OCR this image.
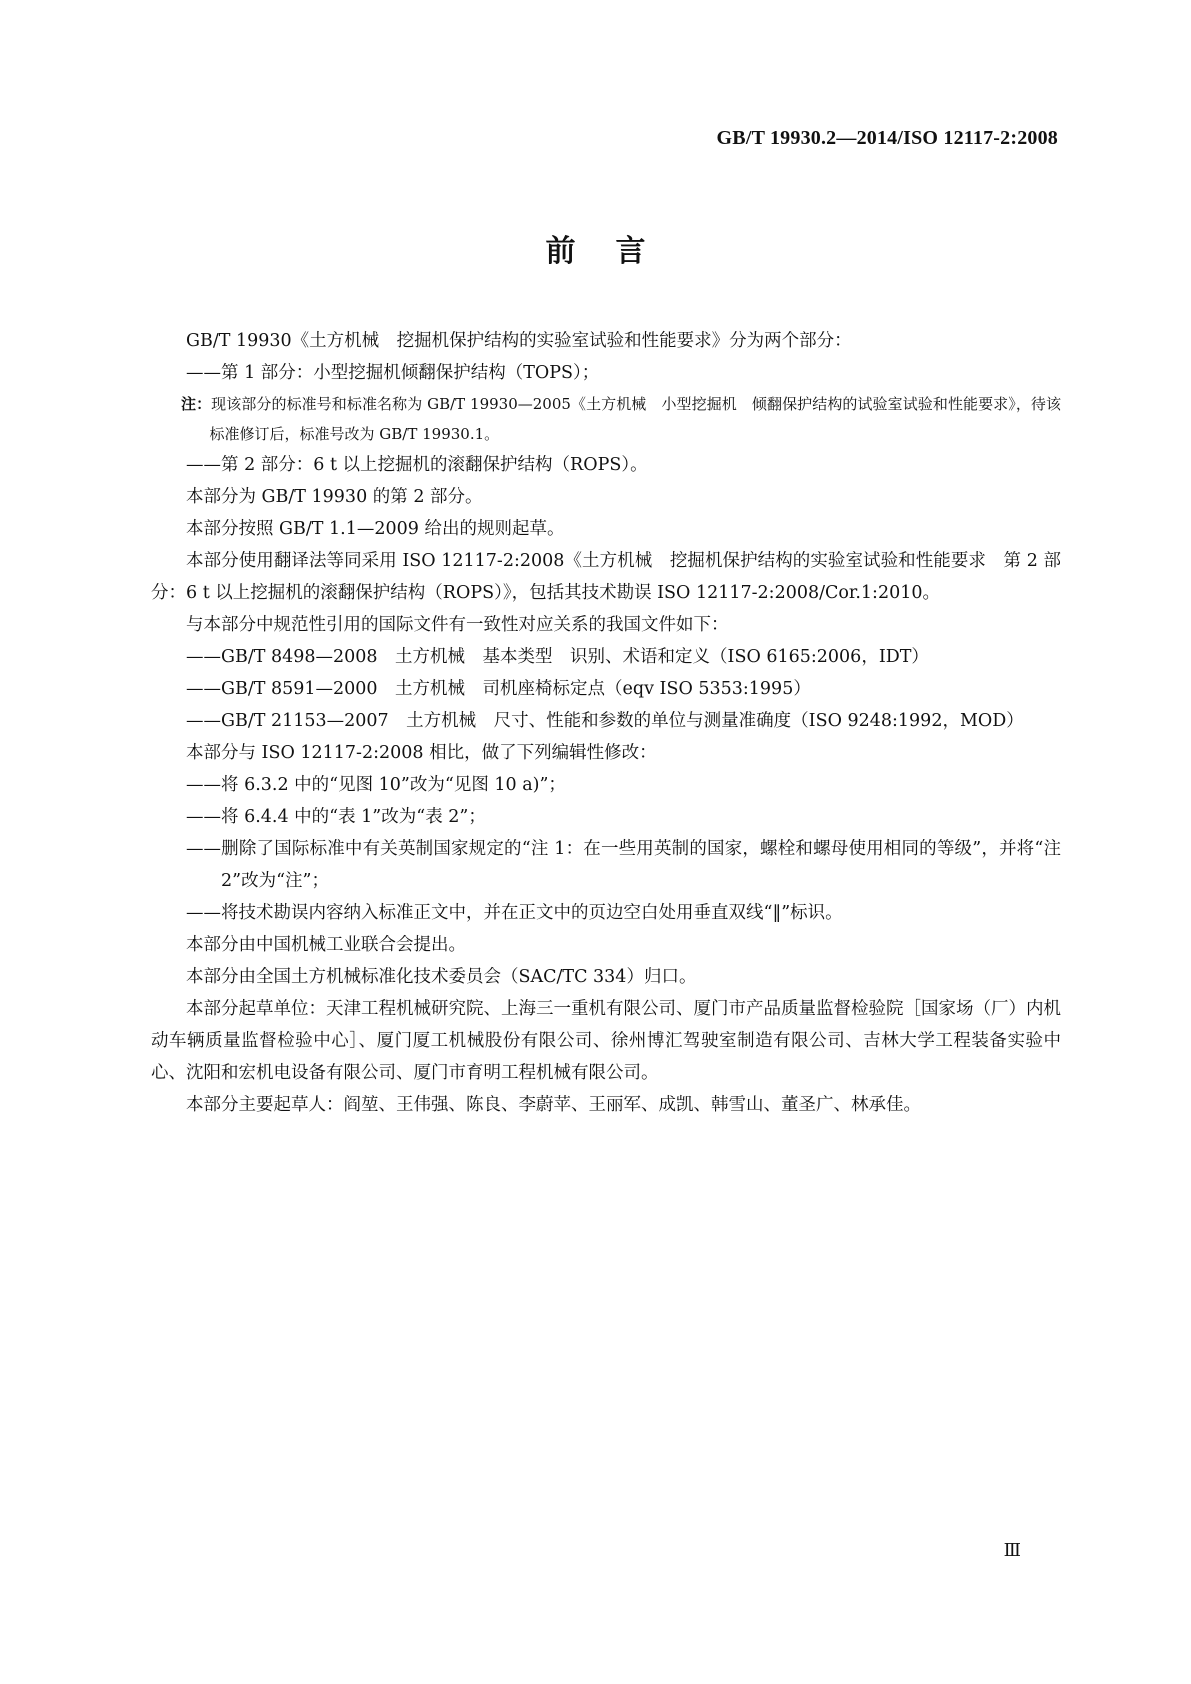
GB/T 19930.2—2014/ISO 12117-2:2008
前言

GB/T 19930《土方机械　挖掘机保护结构的实验室试验和性能要求》分为两个部分：

——第 1 部分：小型挖掘机倾翻保护结构（TOPS）；

注：现该部分的标准号和标准名称为 GB/T 19930—2005《土方机械　小型挖掘机　倾翻保护结构的试验室试验和性能要求》，待该标准修订后，标准号改为 GB/T 19930.1。

——第 2 部分：6 t 以上挖掘机的滚翻保护结构（ROPS）。

本部分为 GB/T 19930 的第 2 部分。

本部分按照 GB/T 1.1—2009 给出的规则起草。

本部分使用翻译法等同采用 ISO 12117-2:2008《土方机械　挖掘机保护结构的实验室试验和性能要求　第 2 部分：6 t 以上挖掘机的滚翻保护结构（ROPS）》，包括其技术勘误 ISO 12117-2:2008/Cor.1:2010。

与本部分中规范性引用的国际文件有一致性对应关系的我国文件如下：

——GB/T 8498—2008　土方机械　基本类型　识别、术语和定义（ISO 6165:2006，IDT）

——GB/T 8591—2000　土方机械　司机座椅标定点（eqv ISO 5353:1995）

——GB/T 21153—2007　土方机械　尺寸、性能和参数的单位与测量准确度（ISO 9248:1992，MOD）

本部分与 ISO 12117-2:2008 相比，做了下列编辑性修改：

——将 6.3.2 中的“见图 10”改为“见图 10 a)”；

——将 6.4.4 中的“表 1”改为“表 2”；

——删除了国际标准中有关英制国家规定的“注 1：在一些用英制的国家，螺栓和螺母使用相同的等级”，并将“注 2”改为“注”；

——将技术勘误内容纳入标准正文中，并在正文中的页边空白处用垂直双线“‖”标识。

本部分由中国机械工业联合会提出。

本部分由全国土方机械标准化技术委员会（SAC/TC 334）归口。

本部分起草单位：天津工程机械研究院、上海三一重机有限公司、厦门市产品质量监督检验院［国家场（厂）内机动车辆质量监督检验中心］、厦门厦工机械股份有限公司、徐州博汇驾驶室制造有限公司、吉林大学工程装备实验中心、沈阳和宏机电设备有限公司、厦门市育明工程机械有限公司。

本部分主要起草人：阎堃、王伟强、陈良、李蔚苹、王丽军、成凯、韩雪山、董圣广、林承佳。

Ⅲ
